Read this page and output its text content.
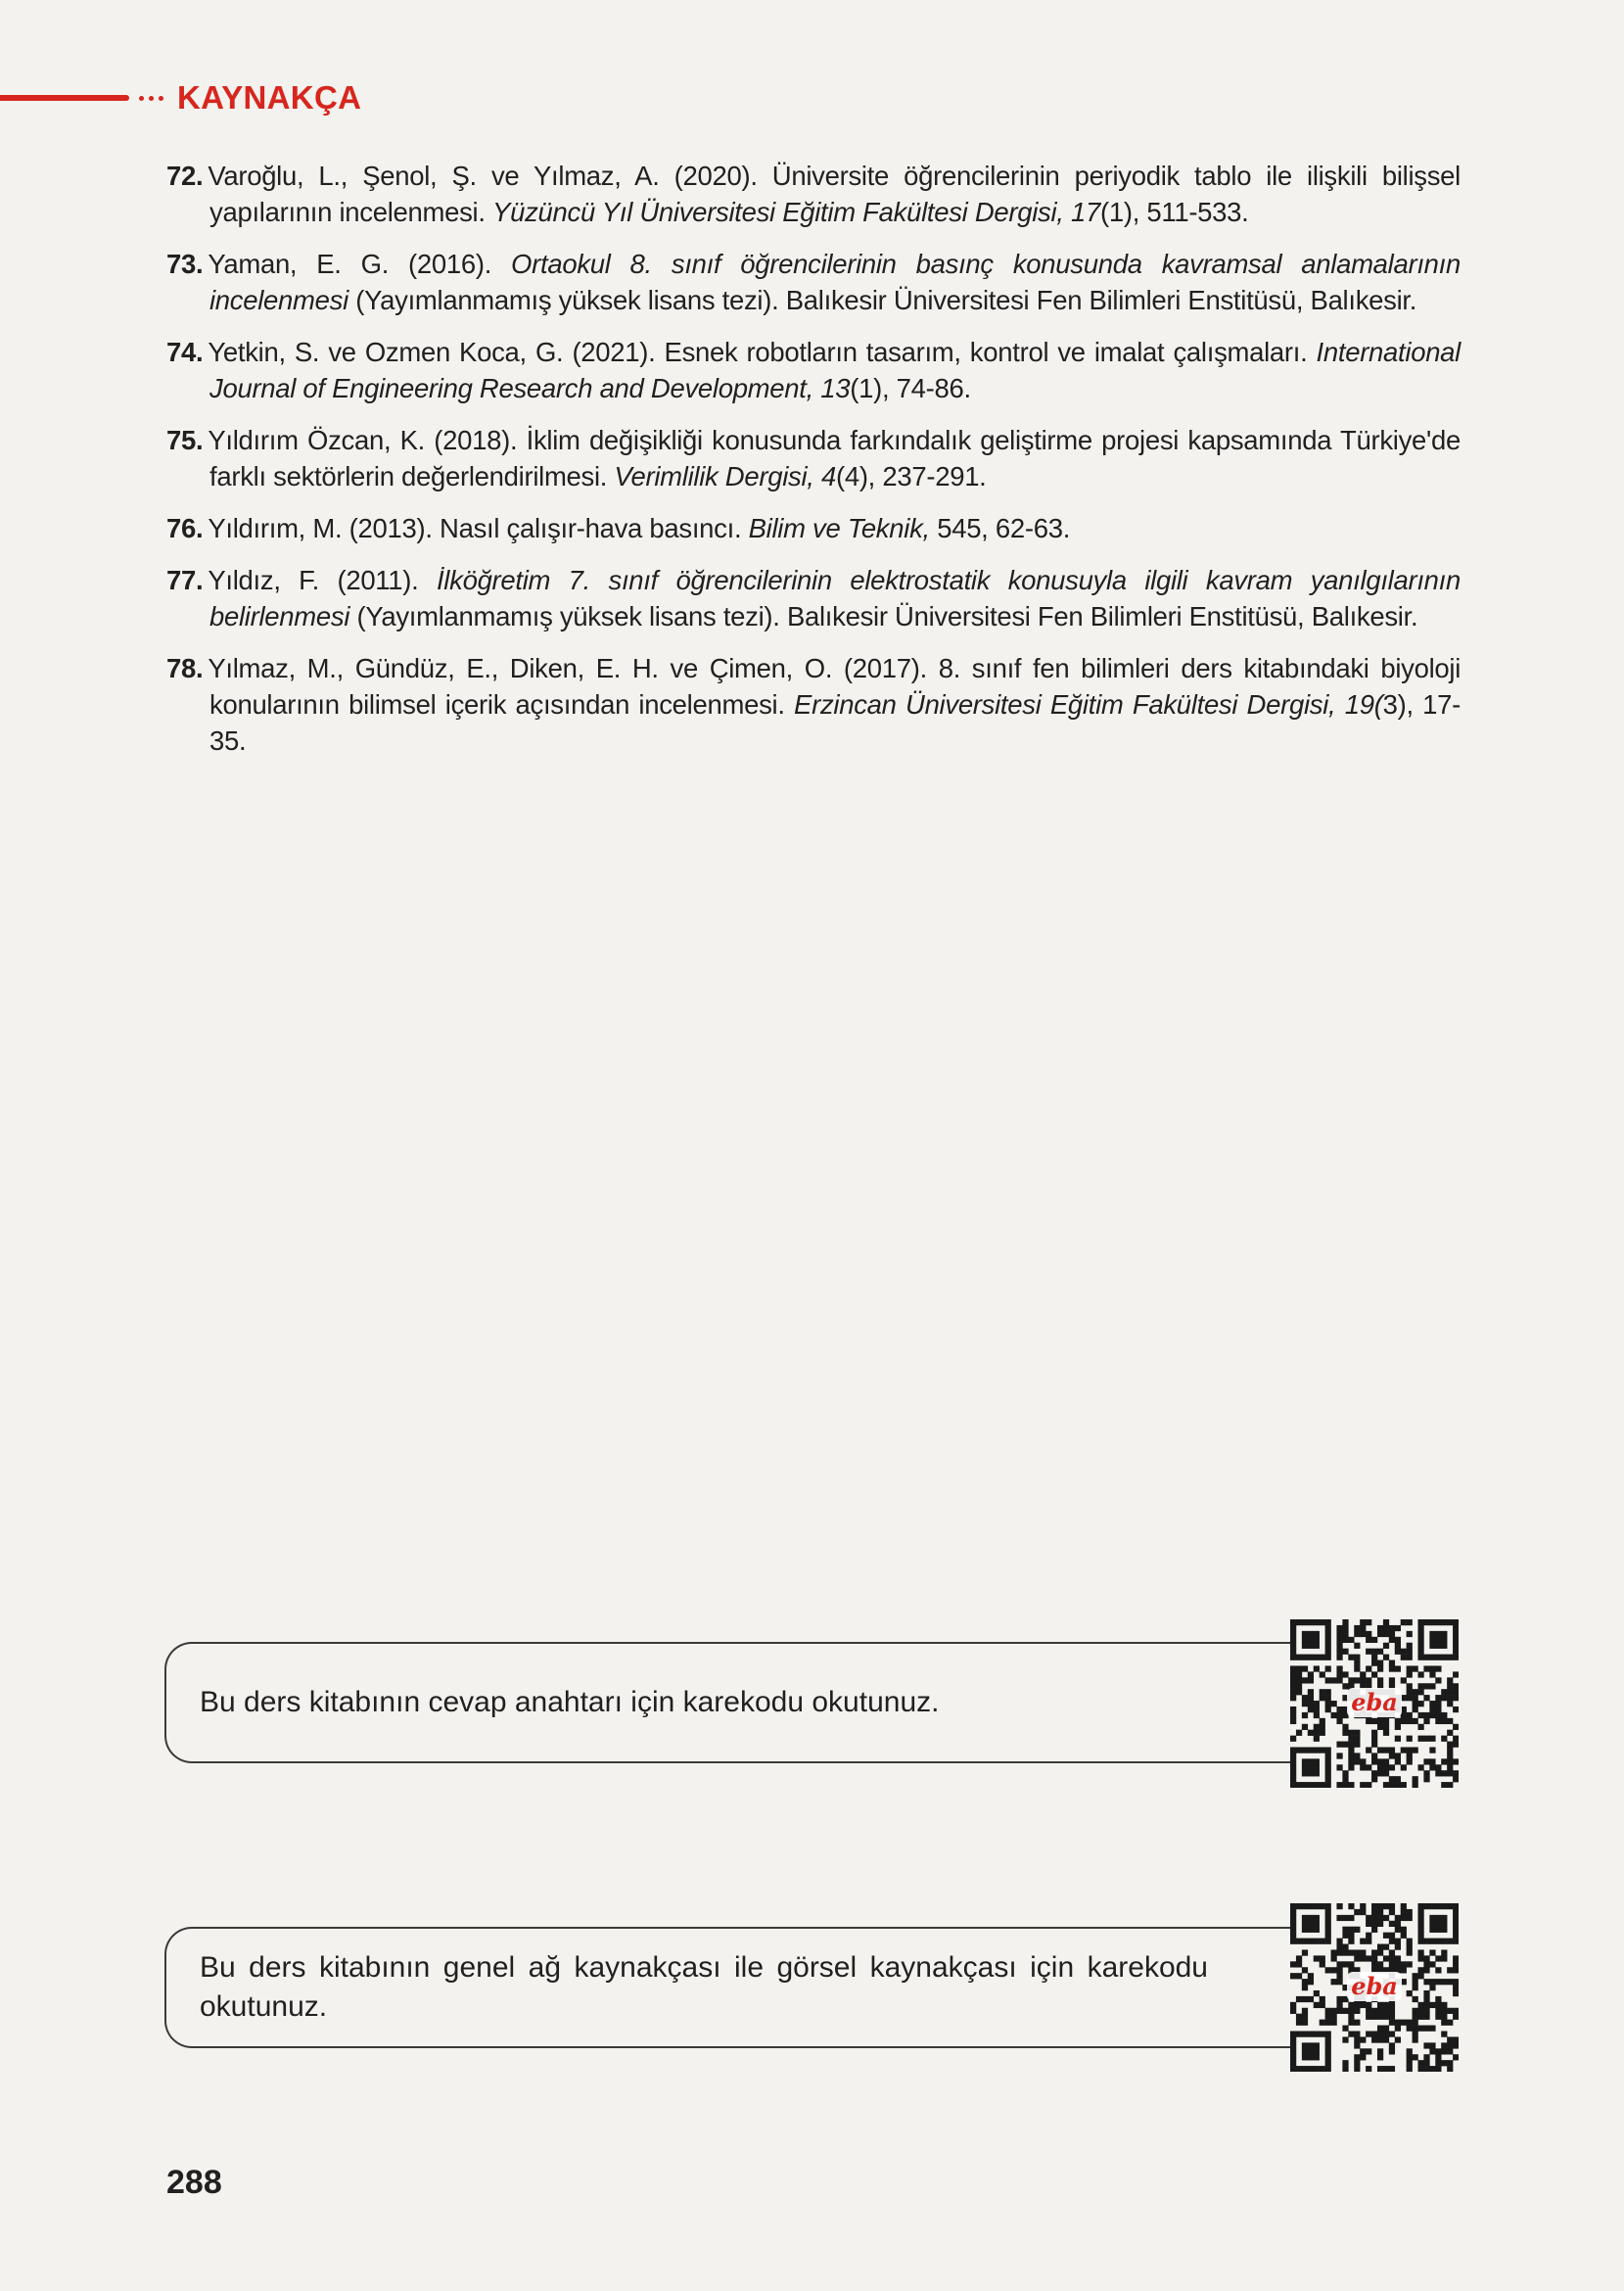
KAYNAKÇA
72. Varoğlu, L., Şenol, Ş. ve Yılmaz, A. (2020). Üniversite öğrencilerinin periyodik tablo ile ilişkili bilişsel yapılarının incelenmesi. Yüzüncü Yıl Üniversitesi Eğitim Fakültesi Dergisi, 17(1), 511-533.
73. Yaman, E. G. (2016). Ortaokul 8. sınıf öğrencilerinin basınç konusunda kavramsal anlamalarının incelenmesi (Yayımlanmamış yüksek lisans tezi). Balıkesir Üniversitesi Fen Bilimleri Enstitüsü, Balıkesir.
74. Yetkin, S. ve Ozmen Koca, G. (2021). Esnek robotların tasarım, kontrol ve imalat çalışmaları. International Journal of Engineering Research and Development, 13(1), 74-86.
75. Yıldırım Özcan, K. (2018). İklim değişikliği konusunda farkındalık geliştirme projesi kapsamında Türkiye'de farklı sektörlerin değerlendirilmesi. Verimlilik Dergisi, 4(4), 237-291.
76. Yıldırım, M. (2013). Nasıl çalışır-hava basıncı. Bilim ve Teknik, 545, 62-63.
77. Yıldız, F. (2011). İlköğretim 7. sınıf öğrencilerinin elektrostatik konusuyla ilgili kavram yanılgılarının belirlenmesi (Yayımlanmamış yüksek lisans tezi). Balıkesir Üniversitesi Fen Bilimleri Enstitüsü, Balıkesir.
78. Yılmaz, M., Gündüz, E., Diken, E. H. ve Çimen, O. (2017). 8. sınıf fen bilimleri ders kitabındaki biyoloji konularının bilimsel içerik açısından incelenmesi. Erzincan Üniversitesi Eğitim Fakültesi Dergisi, 19(3), 17-35.
Bu ders kitabının cevap anahtarı için karekodu okutunuz.	eba
Bu ders kitabının genel ağ kaynakçası ile görsel kaynakçası için karekodu okutunuz.
eba
288
